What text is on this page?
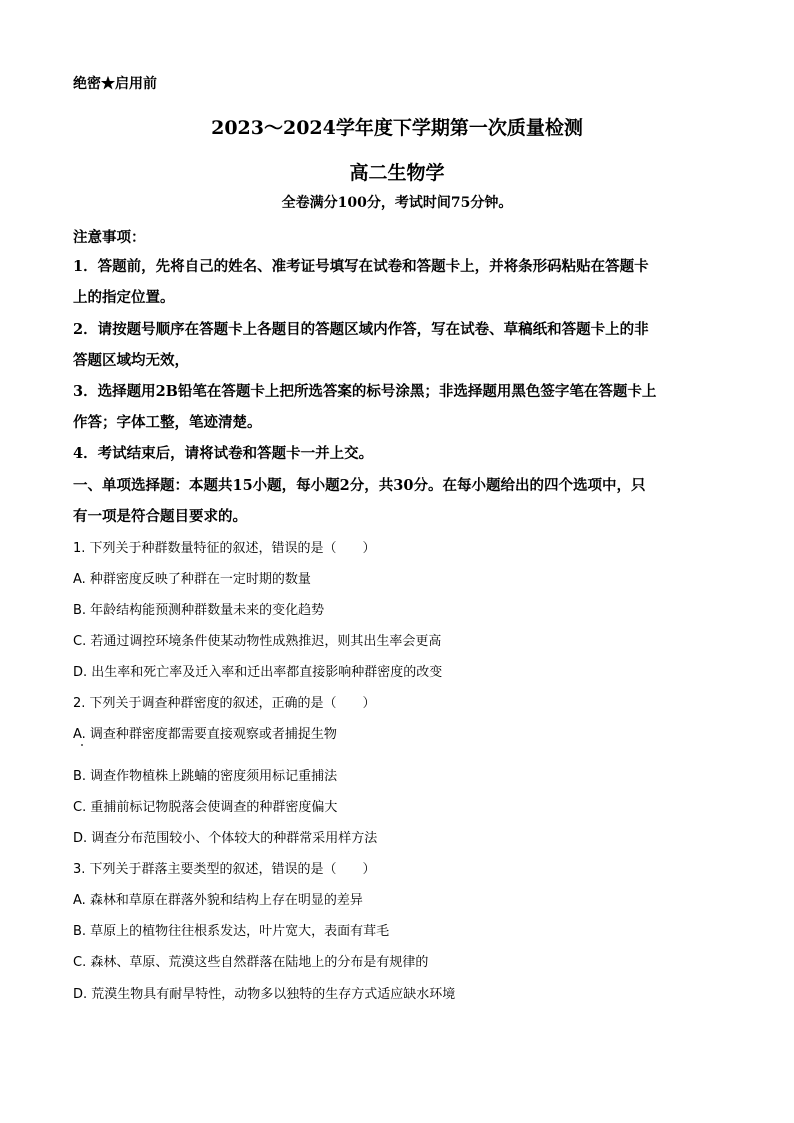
绝密★启用前
2023～2024学年度下学期第一次质量检测
高二生物学
全卷满分100分，考试时间75分钟。
注意事项：
1．答题前，先将自己的姓名、准考证号填写在试卷和答题卡上，并将条形码粘贴在答题卡
上的指定位置。
2．请按题号顺序在答题卡上各题目的答题区域内作答，写在试卷、草稿纸和答题卡上的非
答题区域均无效，
3．选择题用2B铅笔在答题卡上把所选答案的标号涂黑；非选择题用黑色签字笔在答题卡上
作答；字体工整，笔迹清楚。
4．考试结束后，请将试卷和答题卡一并上交。
一、单项选择题：本题共15小题，每小题2分，共30分。在每小题给出的四个选项中，只
有一项是符合题目要求的。
1. 下列关于种群数量特征的叙述，错误的是（　　）
A. 种群密度反映了种群在一定时期的数量
B. 年龄结构能预测种群数量未来的变化趋势
C. 若通过调控环境条件使某动物性成熟推迟，则其出生率会更高
D. 出生率和死亡率及迁入率和迁出率都直接影响种群密度的改变
2. 下列关于调查种群密度的叙述，正确的是（　　）
A. 调查种群密度都需要直接观察或者捕捉生物
B. 调查作物植株上跳蝻的密度须用标记重捕法
C. 重捕前标记物脱落会使调查的种群密度偏大
D. 调查分布范围较小、个体较大的种群常采用样方法
3. 下列关于群落主要类型的叙述，错误的是（　　）
A. 森林和草原在群落外貌和结构上存在明显的差异
B. 草原上的植物往往根系发达，叶片宽大，表面有茸毛
C. 森林、草原、荒漠这些自然群落在陆地上的分布是有规律的
D. 荒漠生物具有耐旱特性，动物多以独特的生存方式适应缺水环境
